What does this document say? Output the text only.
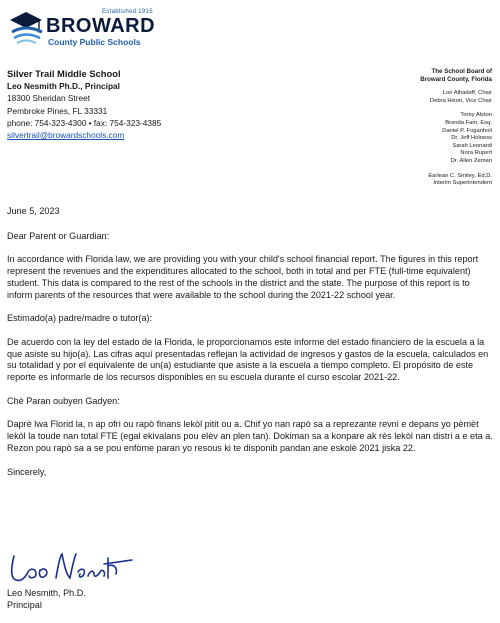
Established 1915
BROWARD
County Public Schools
Silver Trail Middle School
Leo Nesmith Ph.D., Principal
18300 Sheridan Street
Pembroke Pines, FL 33331
phone: 754-323-4300 • fax: 754-323-4385
silvertrail@browardschools.com
The School Board of
Broward County, Florida
Lori Alhadeff, Chair
Debra Hixon, Vice Chair
Torey Alston
Brenda Fam, Esq.
Daniel P. Foganholi
Dr. Jeff Holness
Sarah Leonardi
Nora Rupert
Dr. Allen Zeman
Earlean C. Smiley, Ed.D.
Interim Superintendent

June 5, 2023

Dear Parent or Guardian:

In accordance with Florida law, we are providing you with your child's school financial report. The figures in this report represent the revenues and the expenditures allocated to the school, both in total and per FTE (full-time equivalent) student. This data is compared to the rest of the schools in the district and the state. The purpose of this report is to inform parents of the resources that were available to the school during the 2021-22 school year.

Estimado(a) padre/madre o tutor(a):

De acuerdo con la ley del estado de la Florida, le proporcionamos este informe del estado financiero de la escuela a la que asiste su hijo(a). Las cifras aquí presentadas reflejan la actividad de ingresos y gastos de la escuela, calculados en su totalidad y por el equivalente de un(a) estudiante que asiste a la escuela a tiempo completo. El propósito de este reporte es informarle de los recursos disponibles en su escuela durante el curso escolar 2021-22.

Chè Paran oubyen Gadyen:

Daprè lwa Florid la, n ap ofri ou rapò finans lekòl pitit ou a. Chif yo nan rapò sa a reprezante revni e depans yo pèmèt lekòl la toude nan total FTE (egal ekivalans pou elèv an plen tan). Dokiman sa a konpare ak rès lekòl nan distri a e eta a. Rezon pou rapò sa a se pou enfòme paran yo resous ki te disponib pandan ane eskolè 2021 jiska 22.

Sincerely,

Leo Nesmith, Ph.D.
Principal
